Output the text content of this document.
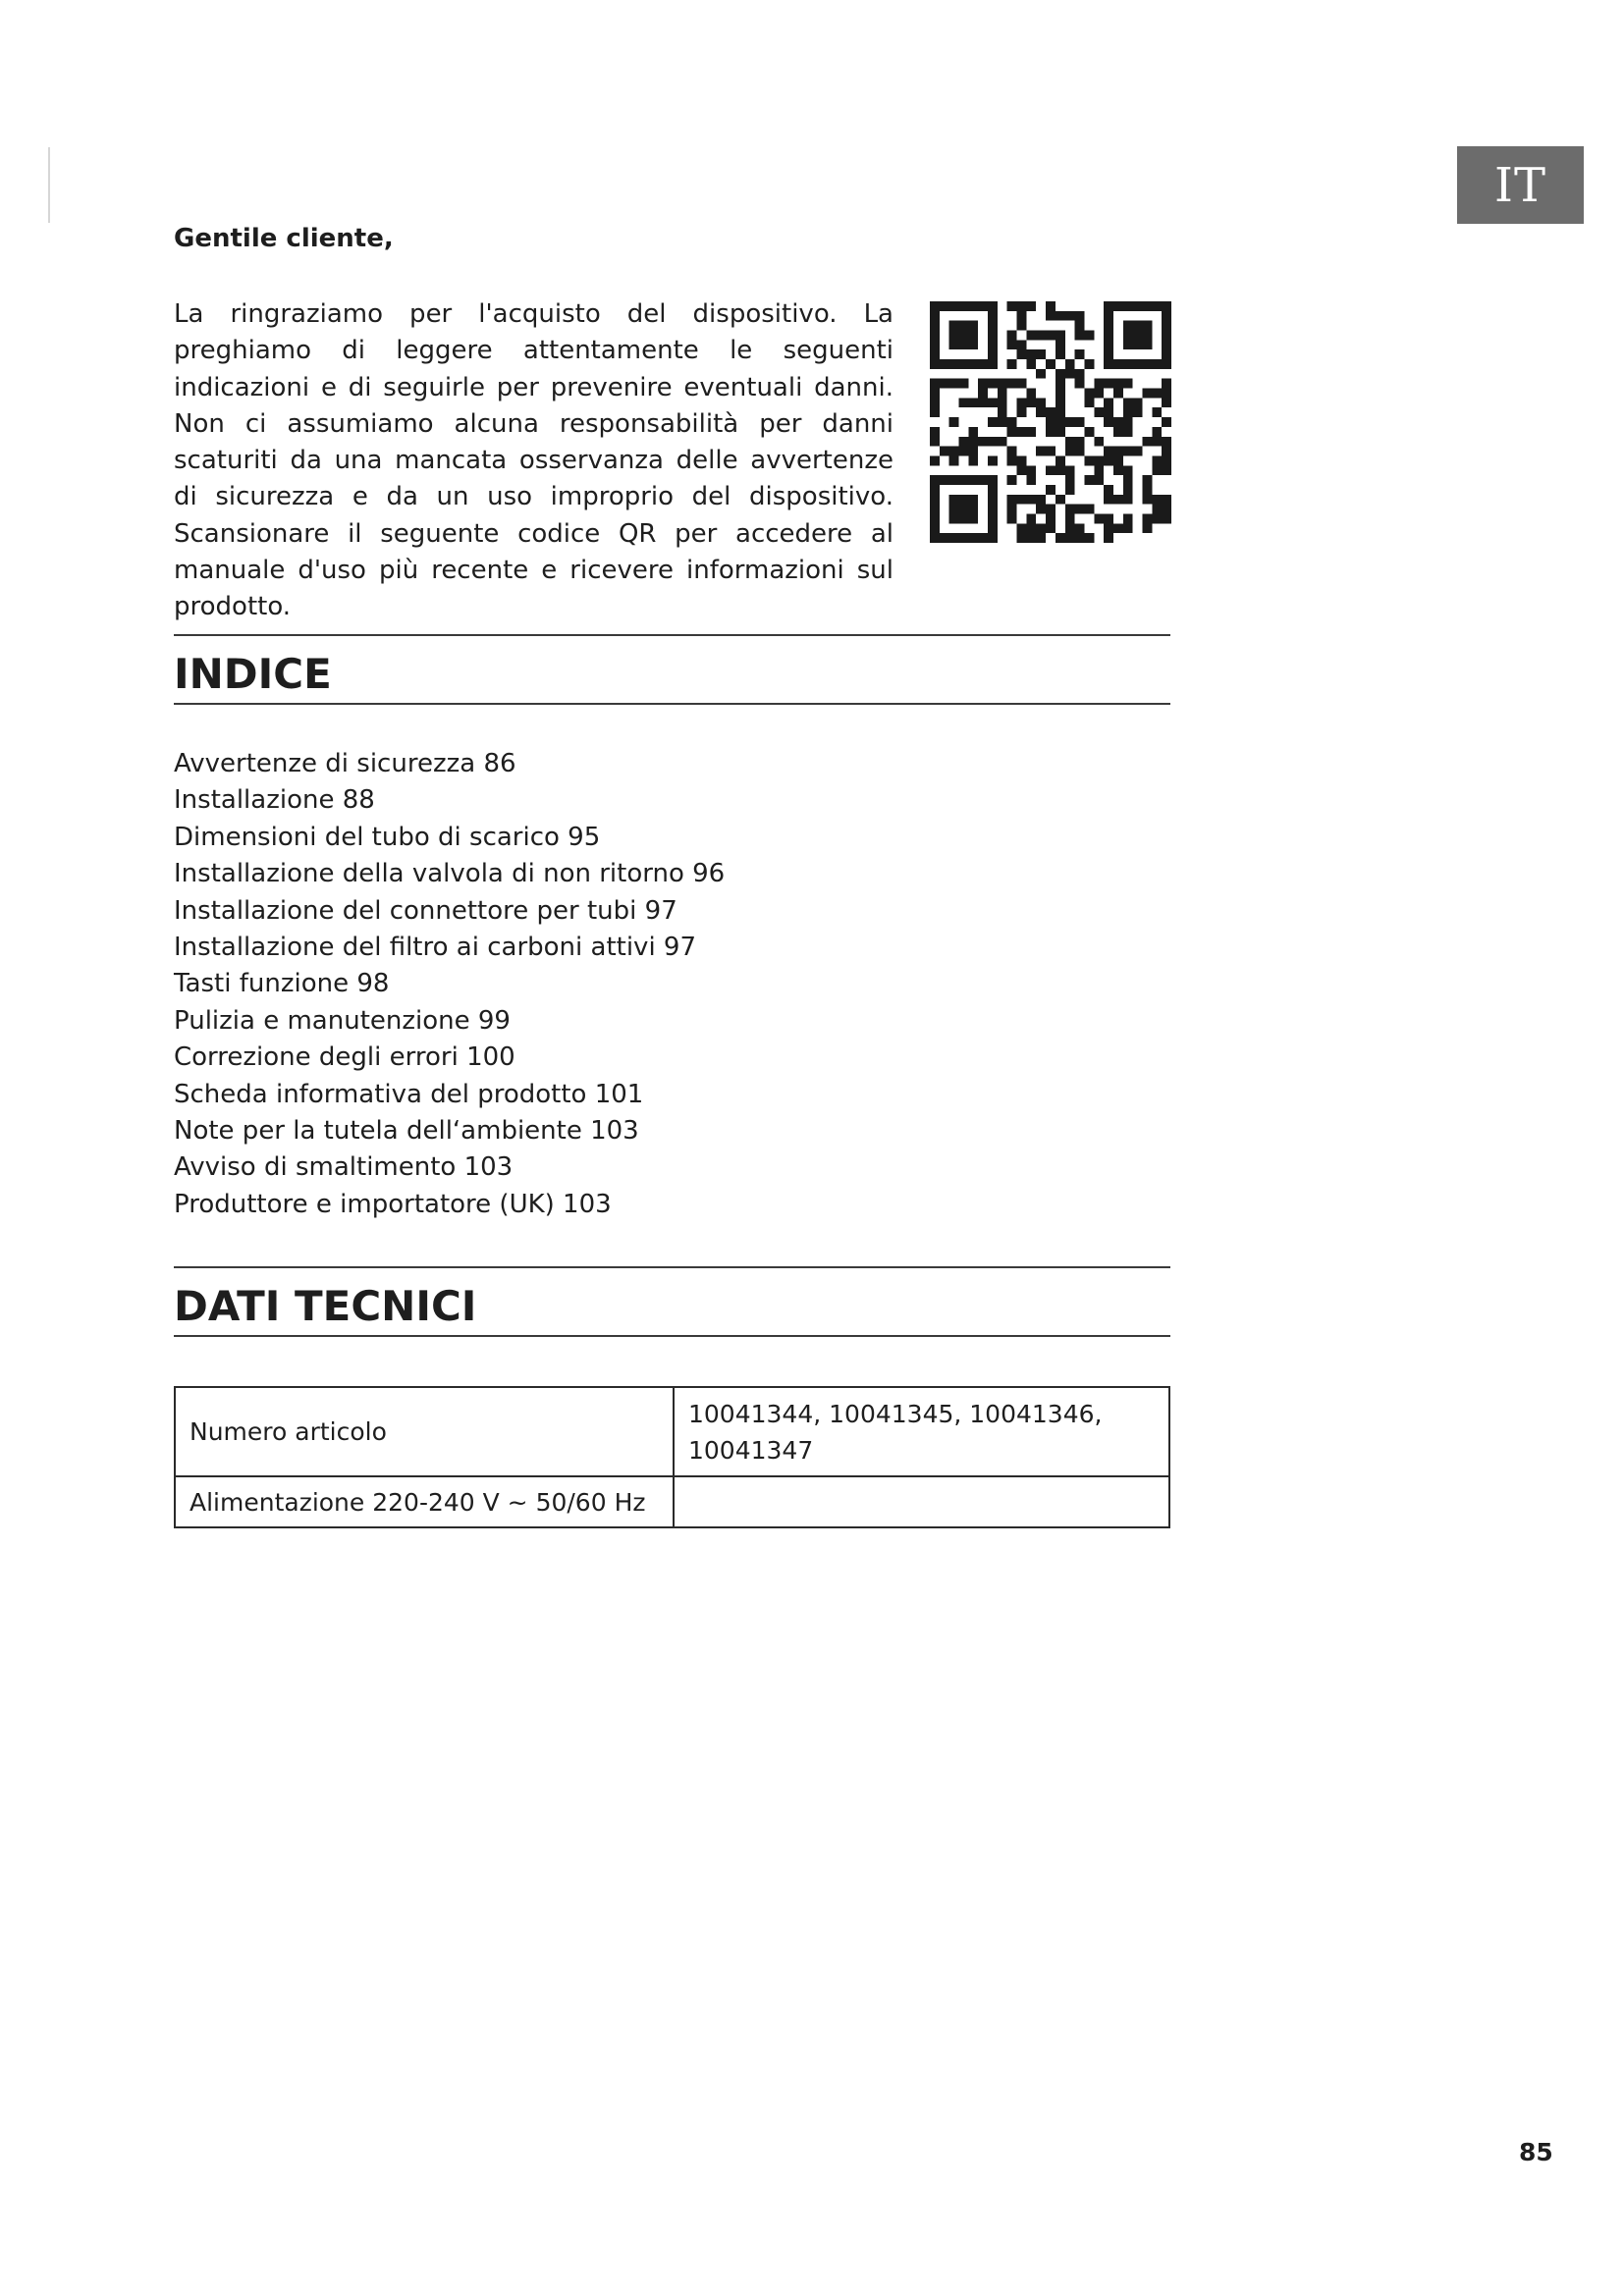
IT
Gentile cliente,

La ringraziamo per l'acquisto del dispositivo. La preghiamo di leggere attentamente le seguenti indicazioni e di seguirle per prevenire eventuali danni. Non ci assumiamo alcuna responsabilità per danni scaturiti da una mancata osservanza delle avvertenze di sicurezza e da un uso improprio del dispositivo. Scansionare il seguente codice QR per accedere al manuale d'uso più recente e ricevere informazioni sul prodotto.

INDICE
Avvertenze di sicurezza 86
Installazione 88
Dimensioni del tubo di scarico 95
Installazione della valvola di non ritorno 96
Installazione del connettore per tubi 97
Installazione del filtro ai carboni attivi 97
Tasti funzione 98
Pulizia e manutenzione 99
Correzione degli errori 100
Scheda informativa del prodotto 101
Note per la tutela dell‘ambiente 103
Avviso di smaltimento 103
Produttore e importatore (UK) 103
DATI TECNICI
Numero articolo	10041344, 10041345, 10041346, 10041347
Alimentazione 220-240 V ~ 50/60 Hz	
85
